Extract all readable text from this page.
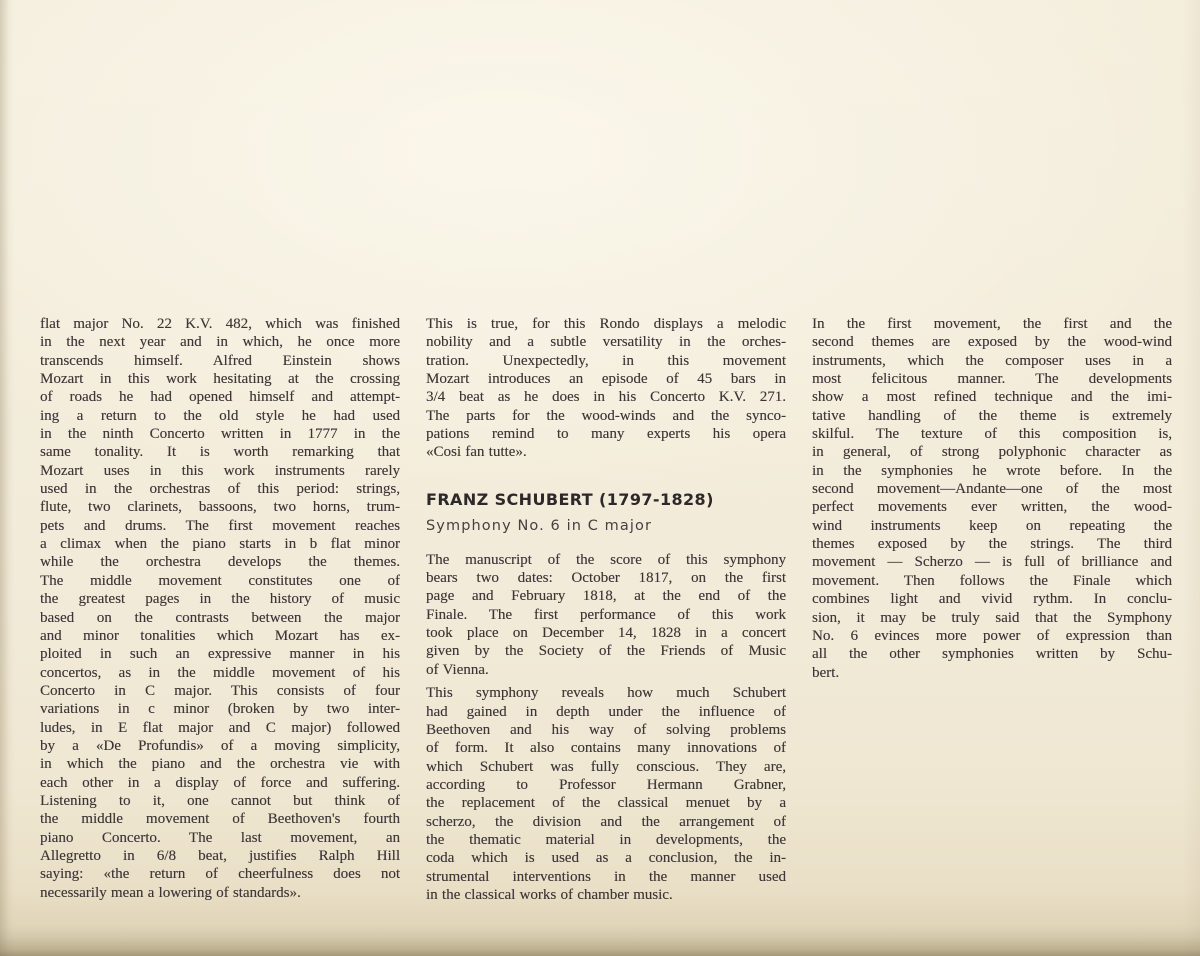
flat major No. 22 K.V. 482, which was finished
in the next year and in which, he once more
transcends himself. Alfred Einstein shows
Mozart in this work hesitating at the crossing
of roads he had opened himself and attempt-
ing a return to the old style he had used
in the ninth Concerto written in 1777 in the
same tonality. It is worth remarking that
Mozart uses in this work instruments rarely
used in the orchestras of this period: strings,
flute, two clarinets, bassoons, two horns, trum-
pets and drums. The first movement reaches
a climax when the piano starts in b flat minor
while the orchestra develops the themes.
The middle movement constitutes one of
the greatest pages in the history of music
based on the contrasts between the major
and minor tonalities which Mozart has ex-
ploited in such an expressive manner in his
concertos, as in the middle movement of his
Concerto in C major. This consists of four
variations in c minor (broken by two inter-
ludes, in E flat major and C major) followed
by a «De Profundis» of a moving simplicity,
in which the piano and the orchestra vie with
each other in a display of force and suffering.
Listening to it, one cannot but think of
the middle movement of Beethoven's fourth
piano Concerto. The last movement, an
Allegretto in 6/8 beat, justifies Ralph Hill
saying: «the return of cheerfulness does not
necessarily mean a lowering of standards».
This is true, for this Rondo displays a melodic
nobility and a subtle versatility in the orches-
tration. Unexpectedly, in this movement
Mozart introduces an episode of 45 bars in
3/4 beat as he does in his Concerto K.V. 271.
The parts for the wood-winds and the synco-
pations remind to many experts his opera
«Cosi fan tutte».
FRANZ SCHUBERT (1797-1828)
Symphony No. 6 in C major
The manuscript of the score of this symphony
bears two dates: October 1817, on the first
page and February 1818, at the end of the
Finale. The first performance of this work
took place on December 14, 1828 in a concert
given by the Society of the Friends of Music
of Vienna.
This symphony reveals how much Schubert
had gained in depth under the influence of
Beethoven and his way of solving problems
of form. It also contains many innovations of
which Schubert was fully conscious. They are,
according to Professor Hermann Grabner,
the replacement of the classical menuet by a
scherzo, the division and the arrangement of
the thematic material in developments, the
coda which is used as a conclusion, the in-
strumental interventions in the manner used
in the classical works of chamber music.
In the first movement, the first and the
second themes are exposed by the wood-wind
instruments, which the composer uses in a
most felicitous manner. The developments
show a most refined technique and the imi-
tative handling of the theme is extremely
skilful. The texture of this composition is,
in general, of strong polyphonic character as
in the symphonies he wrote before. In the
second movement—Andante—one of the most
perfect movements ever written, the wood-
wind instruments keep on repeating the
themes exposed by the strings. The third
movement — Scherzo — is full of brilliance and
movement. Then follows the Finale which
combines light and vivid rythm. In conclu-
sion, it may be truly said that the Symphony
No. 6 evinces more power of expression than
all the other symphonies written by Schu-
bert.
